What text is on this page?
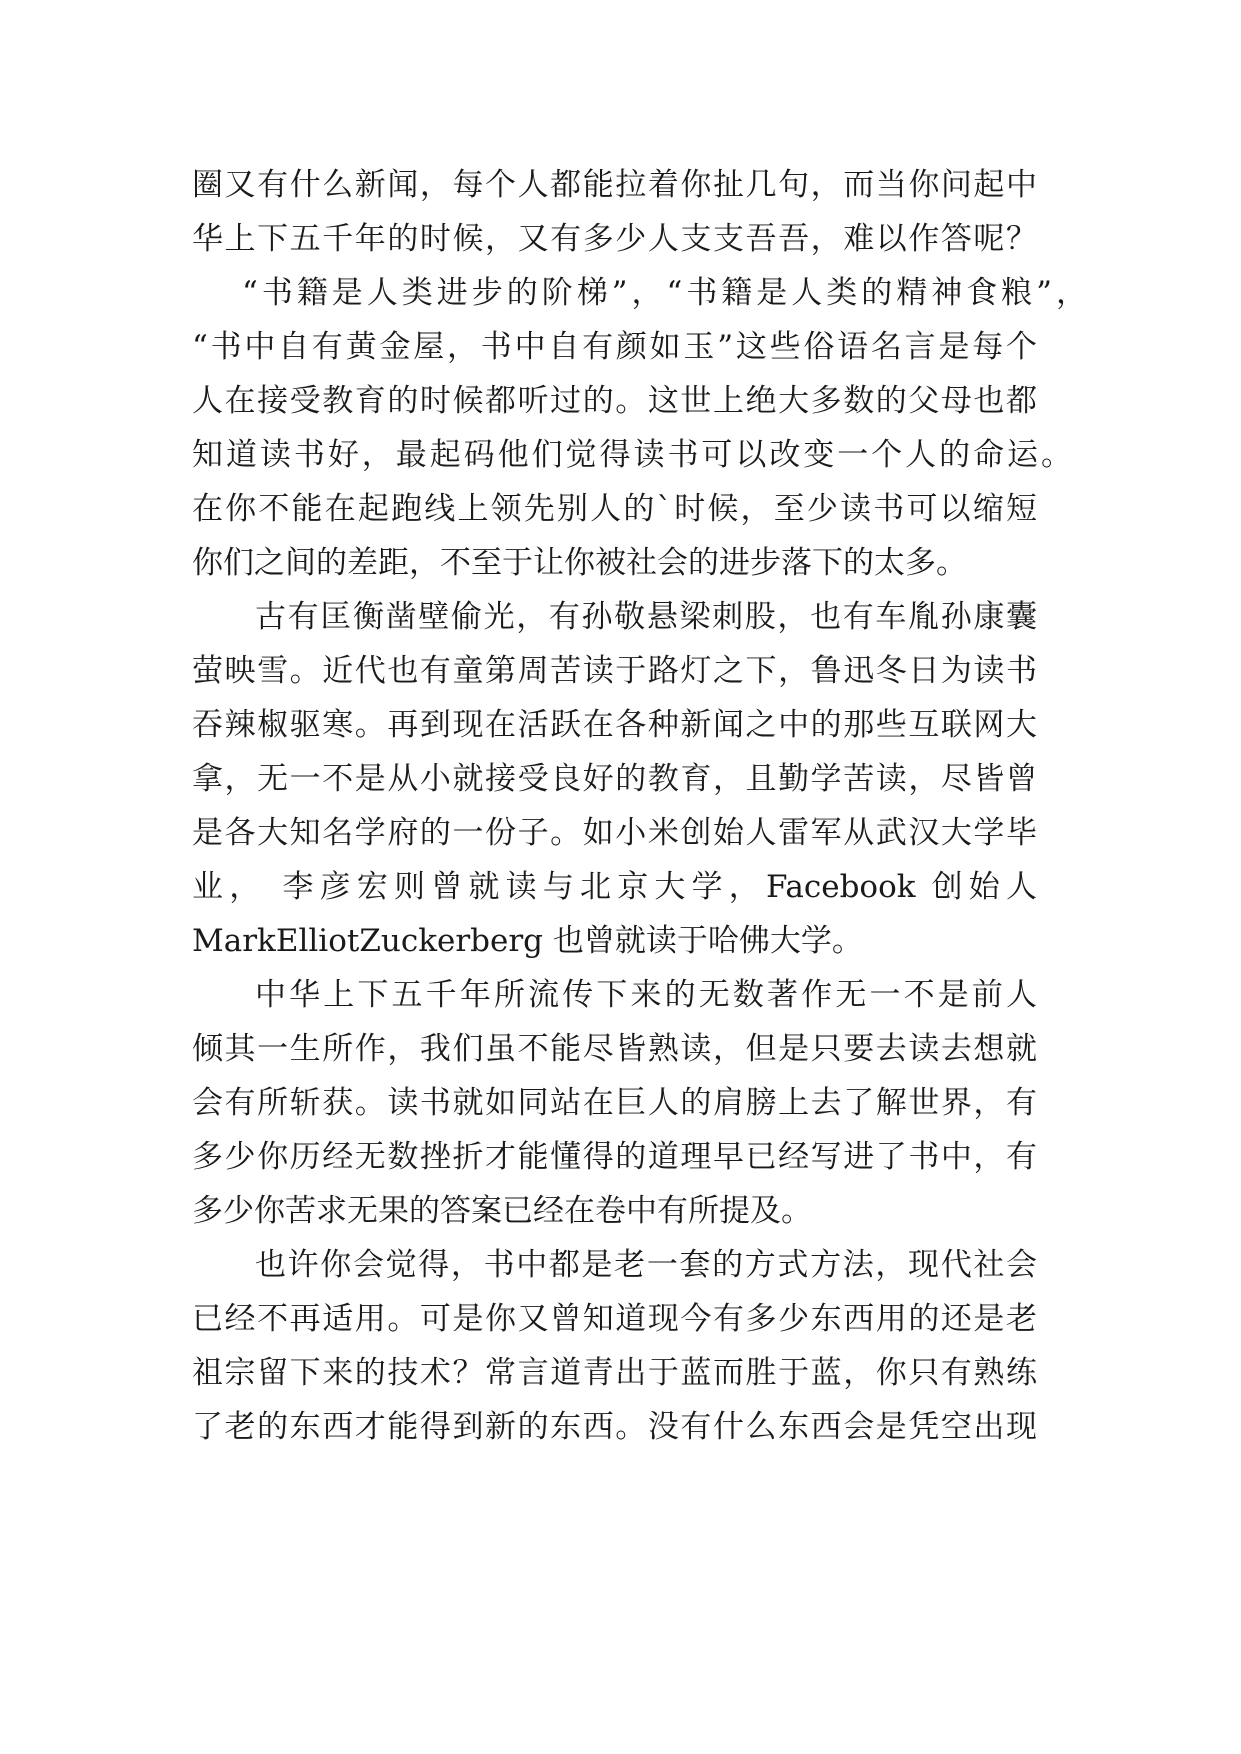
圈又有什么新闻，每个人都能拉着你扯几句，而当你问起中
华上下五千年的时候，又有多少人支支吾吾，难以作答呢？
“书籍是人类进步的阶梯”，“书籍是人类的精神食粮”，
“书中自有黄金屋，书中自有颜如玉”这些俗语名言是每个
人在接受教育的时候都听过的。这世上绝大多数的父母也都
知道读书好，最起码他们觉得读书可以改变一个人的命运。
在你不能在起跑线上领先别人的`时候，至少读书可以缩短
你们之间的差距，不至于让你被社会的进步落下的太多。
古有匡衡凿壁偷光，有孙敬悬梁刺股，也有车胤孙康囊
萤映雪。近代也有童第周苦读于路灯之下，鲁迅冬日为读书
吞辣椒驱寒。再到现在活跃在各种新闻之中的那些互联网大
拿，无一不是从小就接受良好的教育，且勤学苦读，尽皆曾
是各大知名学府的一份子。如小米创始人雷军从武汉大学毕
业， 李彦宏则曾就读与北京大学，Facebook 创始人
MarkElliotZuckerberg 也曾就读于哈佛大学。
中华上下五千年所流传下来的无数著作无一不是前人
倾其一生所作，我们虽不能尽皆熟读，但是只要去读去想就
会有所斩获。读书就如同站在巨人的肩膀上去了解世界，有
多少你历经无数挫折才能懂得的道理早已经写进了书中，有
多少你苦求无果的答案已经在卷中有所提及。
也许你会觉得，书中都是老一套的方式方法，现代社会
已经不再适用。可是你又曾知道现今有多少东西用的还是老
祖宗留下来的技术？常言道青出于蓝而胜于蓝，你只有熟练
了老的东西才能得到新的东西。没有什么东西会是凭空出现
